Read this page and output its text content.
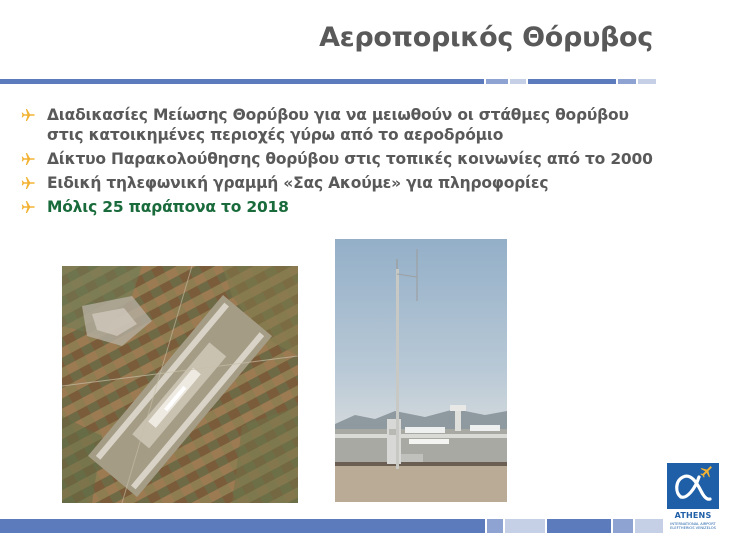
Αεροπορικός Θόρυβος
Διαδικασίες Μείωσης Θορύβου για να μειωθούν οι στάθμες θορύβου στις κατοικημένες περιοχές γύρω από το αεροδρόμιο
Δίκτυο Παρακολούθησης θορύβου στις τοπικές κοινωνίες από το 2000
Ειδική τηλεφωνική γραμμή «Σας Ακούμε» για πληροφορίες
Μόλις 25 παράπονα το 2018
ATHENS
INTERNATIONAL AIRPORT
ELEFTHERIOS VENIZELOS
